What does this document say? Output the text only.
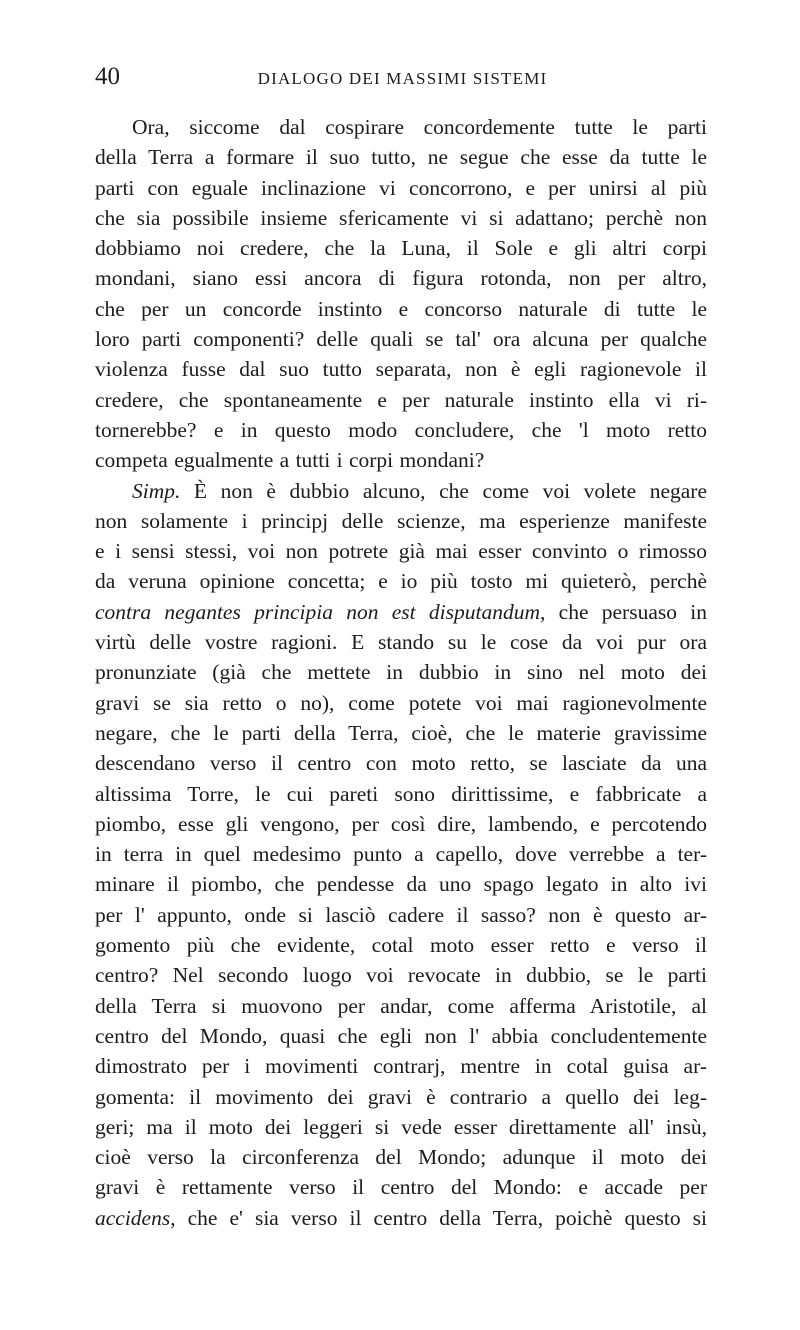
40	DIALOGO DEI MASSIMI SISTEMI
Ora, siccome dal cospirare concordemente tutte le parti
della Terra a formare il suo tutto, ne segue che esse da tutte le
parti con eguale inclinazione vi concorrono, e per unirsi al più
che sia possibile insieme sfericamente vi si adattano; perchè non
dobbiamo noi credere, che la Luna, il Sole e gli altri corpi
mondani, siano essi ancora di figura rotonda, non per altro,
che per un concorde instinto e concorso naturale di tutte le
loro parti componenti? delle quali se tal' ora alcuna per qualche
violenza fusse dal suo tutto separata, non è egli ragionevole il
credere, che spontaneamente e per naturale instinto ella vi ri-
tornerebbe? e in questo modo concludere, che 'l moto retto
competa egualmente a tutti i corpi mondani?
Simp. È non è dubbio alcuno, che come voi volete negare
non solamente i principj delle scienze, ma esperienze manifeste
e i sensi stessi, voi non potrete già mai esser convinto o rimosso
da veruna opinione concetta; e io più tosto mi quieterò, perchè
contra negantes principia non est disputandum, che persuaso in
virtù delle vostre ragioni. E stando su le cose da voi pur ora
pronunziate (già che mettete in dubbio in sino nel moto dei
gravi se sia retto o no), come potete voi mai ragionevolmente
negare, che le parti della Terra, cioè, che le materie gravissime
descendano verso il centro con moto retto, se lasciate da una
altissima Torre, le cui pareti sono dirittissime, e fabbricate a
piombo, esse gli vengono, per così dire, lambendo, e percotendo
in terra in quel medesimo punto a capello, dove verrebbe a ter-
minare il piombo, che pendesse da uno spago legato in alto ivi
per l' appunto, onde si lasciò cadere il sasso? non è questo ar-
gomento più che evidente, cotal moto esser retto e verso il
centro? Nel secondo luogo voi revocate in dubbio, se le parti
della Terra si muovono per andar, come afferma Aristotile, al
centro del Mondo, quasi che egli non l' abbia concludentemente
dimostrato per i movimenti contrarj, mentre in cotal guisa ar-
gomenta: il movimento dei gravi è contrario a quello dei leg-
geri; ma il moto dei leggeri si vede esser direttamente all' insù,
cioè verso la circonferenza del Mondo; adunque il moto dei
gravi è rettamente verso il centro del Mondo: e accade per
accidens, che e' sia verso il centro della Terra, poichè questo si
